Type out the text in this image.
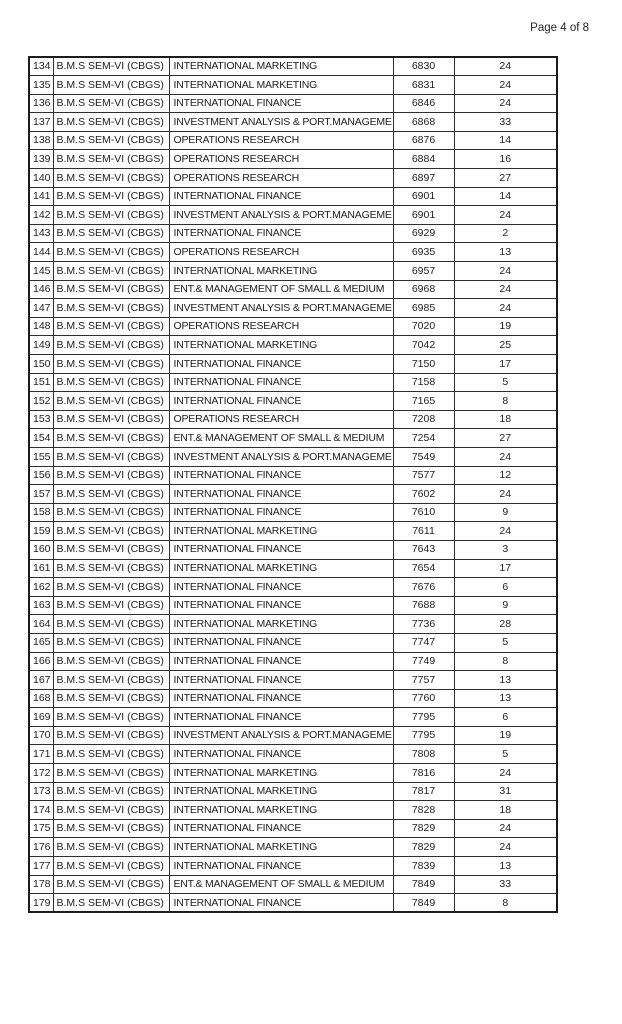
Page 4 of 8
134	B.M.S SEM-VI (CBGS)	INTERNATIONAL MARKETING	6830	24
135	B.M.S SEM-VI (CBGS)	INTERNATIONAL MARKETING	6831	24
136	B.M.S SEM-VI (CBGS)	INTERNATIONAL FINANCE	6846	24
137	B.M.S SEM-VI (CBGS)	INVESTMENT ANALYSIS & PORT.MANAGEME	6868	33
138	B.M.S SEM-VI (CBGS)	OPERATIONS RESEARCH	6876	14
139	B.M.S SEM-VI (CBGS)	OPERATIONS RESEARCH	6884	16
140	B.M.S SEM-VI (CBGS)	OPERATIONS RESEARCH	6897	27
141	B.M.S SEM-VI (CBGS)	INTERNATIONAL FINANCE	6901	14
142	B.M.S SEM-VI (CBGS)	INVESTMENT ANALYSIS & PORT.MANAGEME	6901	24
143	B.M.S SEM-VI (CBGS)	INTERNATIONAL FINANCE	6929	2
144	B.M.S SEM-VI (CBGS)	OPERATIONS RESEARCH	6935	13
145	B.M.S SEM-VI (CBGS)	INTERNATIONAL MARKETING	6957	24
146	B.M.S SEM-VI (CBGS)	ENT.& MANAGEMENT OF SMALL & MEDIUM	6968	24
147	B.M.S SEM-VI (CBGS)	INVESTMENT ANALYSIS & PORT.MANAGEME	6985	24
148	B.M.S SEM-VI (CBGS)	OPERATIONS RESEARCH	7020	19
149	B.M.S SEM-VI (CBGS)	INTERNATIONAL MARKETING	7042	25
150	B.M.S SEM-VI (CBGS)	INTERNATIONAL FINANCE	7150	17
151	B.M.S SEM-VI (CBGS)	INTERNATIONAL FINANCE	7158	5
152	B.M.S SEM-VI (CBGS)	INTERNATIONAL FINANCE	7165	8
153	B.M.S SEM-VI (CBGS)	OPERATIONS RESEARCH	7208	18
154	B.M.S SEM-VI (CBGS)	ENT.& MANAGEMENT OF SMALL & MEDIUM	7254	27
155	B.M.S SEM-VI (CBGS)	INVESTMENT ANALYSIS & PORT.MANAGEME	7549	24
156	B.M.S SEM-VI (CBGS)	INTERNATIONAL FINANCE	7577	12
157	B.M.S SEM-VI (CBGS)	INTERNATIONAL FINANCE	7602	24
158	B.M.S SEM-VI (CBGS)	INTERNATIONAL FINANCE	7610	9
159	B.M.S SEM-VI (CBGS)	INTERNATIONAL MARKETING	7611	24
160	B.M.S SEM-VI (CBGS)	INTERNATIONAL FINANCE	7643	3
161	B.M.S SEM-VI (CBGS)	INTERNATIONAL MARKETING	7654	17
162	B.M.S SEM-VI (CBGS)	INTERNATIONAL FINANCE	7676	6
163	B.M.S SEM-VI (CBGS)	INTERNATIONAL FINANCE	7688	9
164	B.M.S SEM-VI (CBGS)	INTERNATIONAL MARKETING	7736	28
165	B.M.S SEM-VI (CBGS)	INTERNATIONAL FINANCE	7747	5
166	B.M.S SEM-VI (CBGS)	INTERNATIONAL FINANCE	7749	8
167	B.M.S SEM-VI (CBGS)	INTERNATIONAL FINANCE	7757	13
168	B.M.S SEM-VI (CBGS)	INTERNATIONAL FINANCE	7760	13
169	B.M.S SEM-VI (CBGS)	INTERNATIONAL FINANCE	7795	6
170	B.M.S SEM-VI (CBGS)	INVESTMENT ANALYSIS & PORT.MANAGEME	7795	19
171	B.M.S SEM-VI (CBGS)	INTERNATIONAL FINANCE	7808	5
172	B.M.S SEM-VI (CBGS)	INTERNATIONAL MARKETING	7816	24
173	B.M.S SEM-VI (CBGS)	INTERNATIONAL MARKETING	7817	31
174	B.M.S SEM-VI (CBGS)	INTERNATIONAL MARKETING	7828	18
175	B.M.S SEM-VI (CBGS)	INTERNATIONAL FINANCE	7829	24
176	B.M.S SEM-VI (CBGS)	INTERNATIONAL MARKETING	7829	24
177	B.M.S SEM-VI (CBGS)	INTERNATIONAL FINANCE	7839	13
178	B.M.S SEM-VI (CBGS)	ENT.& MANAGEMENT OF SMALL & MEDIUM	7849	33
179	B.M.S SEM-VI (CBGS)	INTERNATIONAL FINANCE	7849	8
